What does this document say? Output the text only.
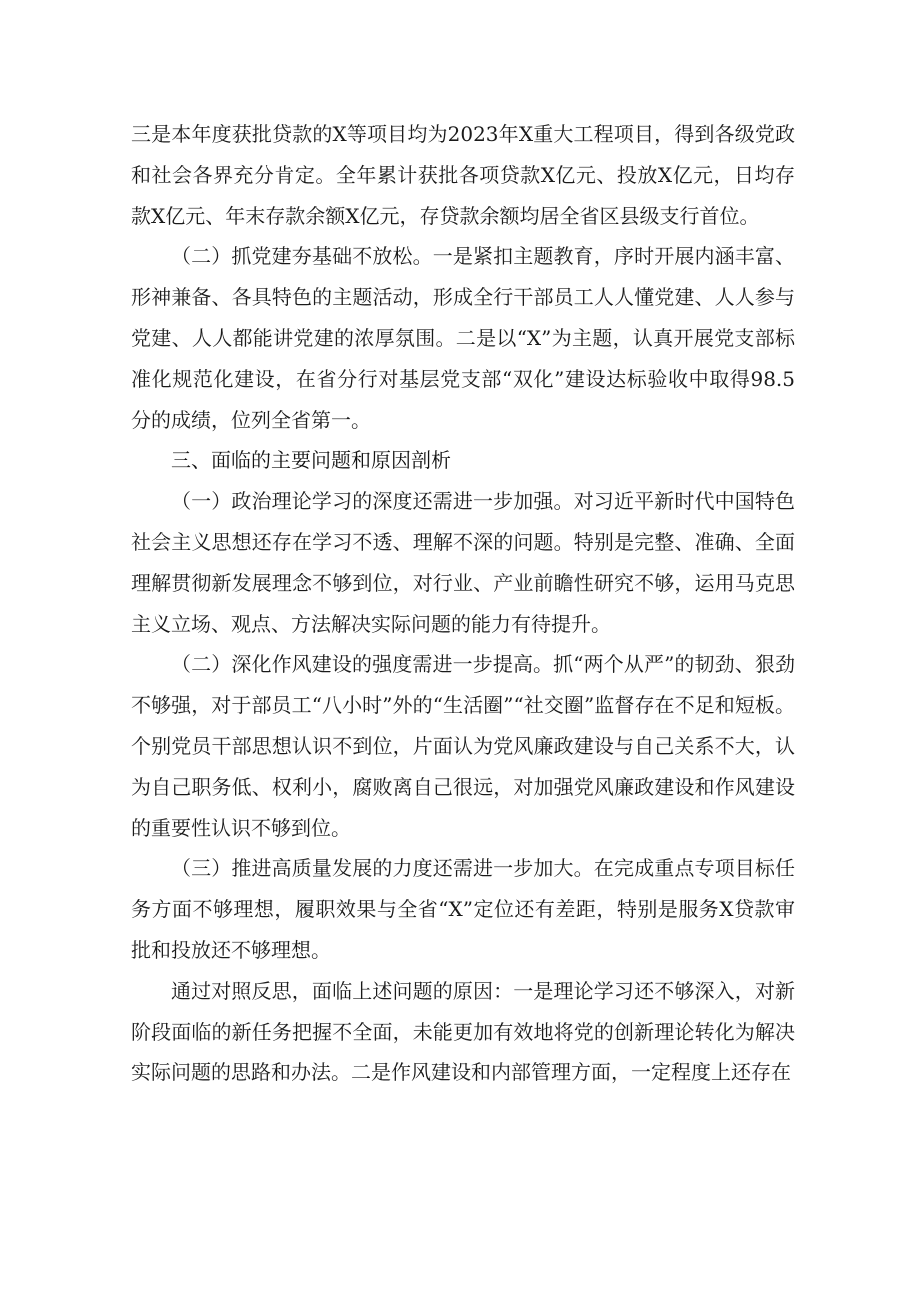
三是本年度获批贷款的X等项目均为2023年X重大工程项目，得到各级党政和社会各界充分肯定。全年累计获批各项贷款X亿元、投放X亿元，日均存款X亿元、年末存款余额X亿元，存贷款余额均居全省区县级支行首位。

（二）抓党建夯基础不放松。一是紧扣主题教育，序时开展内涵丰富、形神兼备、各具特色的主题活动，形成全行干部员工人人懂党建、人人参与党建、人人都能讲党建的浓厚氛围。二是以“X”为主题，认真开展党支部标准化规范化建设，在省分行对基层党支部“双化”建设达标验收中取得98.5分的成绩，位列全省第一。

三、面临的主要问题和原因剖析

（一）政治理论学习的深度还需进一步加强。对习近平新时代中国特色社会主义思想还存在学习不透、理解不深的问题。特别是完整、准确、全面理解贯彻新发展理念不够到位，对行业、产业前瞻性研究不够，运用马克思主义立场、观点、方法解决实际问题的能力有待提升。

（二）深化作风建设的强度需进一步提高。抓“两个从严”的韧劲、狠劲不够强，对于部员工“八小时”外的“生活圈”“社交圈”监督存在不足和短板。个别党员干部思想认识不到位，片面认为党风廉政建设与自己关系不大，认为自己职务低、权利小，腐败离自己很远，对加强党风廉政建设和作风建设的重要性认识不够到位。

（三）推进高质量发展的力度还需进一步加大。在完成重点专项目标任务方面不够理想，履职效果与全省“X”定位还有差距，特别是服务X贷款审批和投放还不够理想。

通过对照反思，面临上述问题的原因：一是理论学习还不够深入，对新阶段面临的新任务把握不全面，未能更加有效地将党的创新理论转化为解决实际问题的思路和办法。二是作风建设和内部管理方面，一定程度上还存在
